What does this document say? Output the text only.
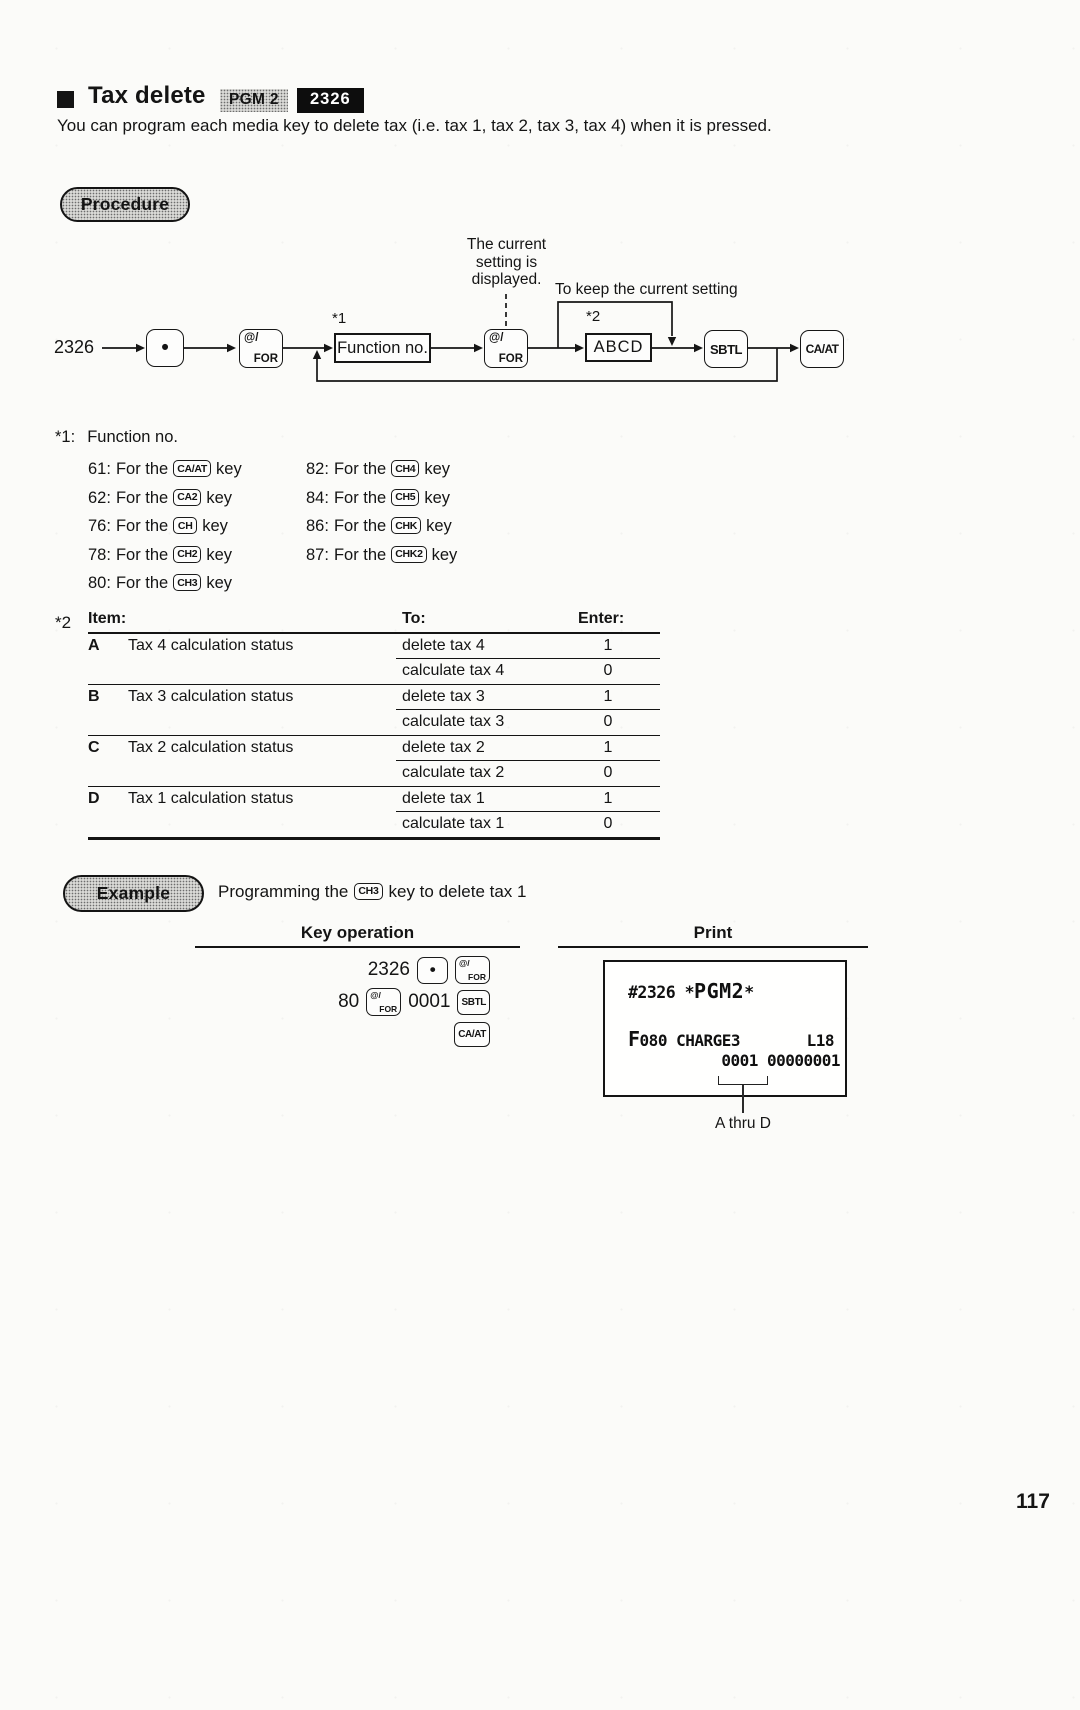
Tax delete	PGM 2	2326

You can program each media key to delete tax (i.e. tax 1, tax 2, tax 3, tax 4) when it is pressed.

Procedure
The current
setting is
displayed.
To keep the current setting
*1	*2
2326	•	@/
FOR
Function no.
@/
FOR
ABCD	SBTL	CA/AT
*1: Function no.
61: For the CA/AT key	82: For the CH4 key
62: For the CA2 key	84: For the CH5 key
76: For the CH key	86: For the CHK key
78: For the CH2 key	87: For the CHK2 key
80: For the CH3 key
*2 Item:	To:	Enter:
A	Tax 4 calculation status	delete tax 4	1
calculate tax 4	0
B	Tax 3 calculation status	delete tax 3	1
calculate tax 3	0
C	Tax 2 calculation status	delete tax 2	1
calculate tax 2	0
D	Tax 1 calculation status	delete tax 1	1
calculate tax 1	0
Example	Programming the CH3 key to delete tax 1
Key operation	Print
2326	•	@/
FOR
80 @/
FOR 0001	SBTL
CA/AT
#2326 *PGM2*
F080 CHARGE3	L18
0001 00000001
A thru D
117
